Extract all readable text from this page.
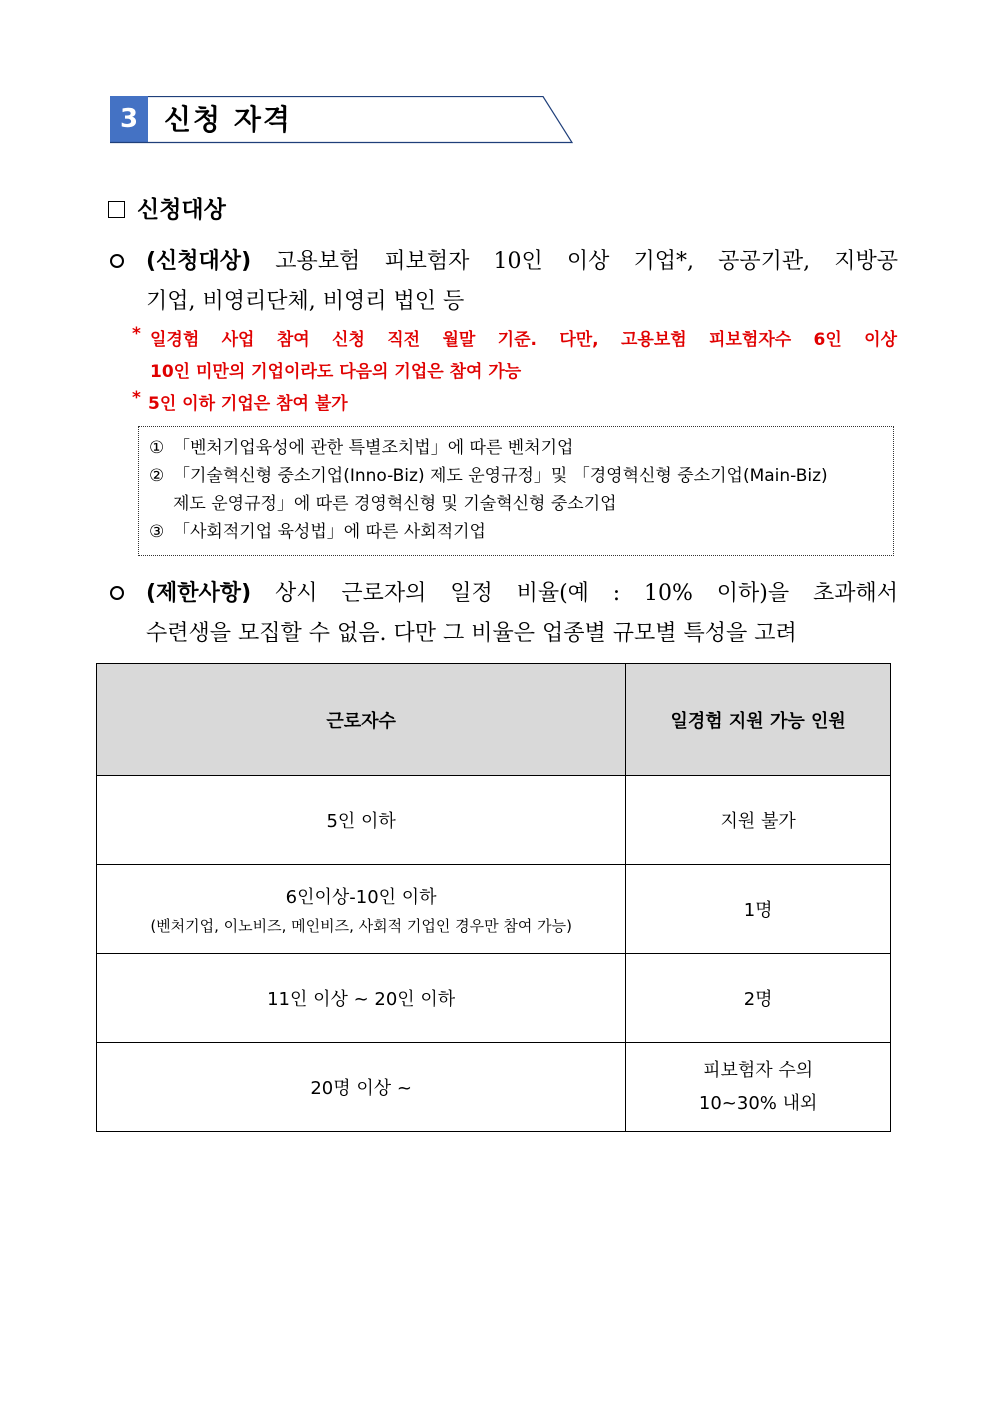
3 신청 자격
신청대상
(신청대상) 고용보험 피보험자 10인 이상 기업*, 공공기관, 지방공
기업, 비영리단체, 비영리 법인 등
* 일경험 사업 참여 신청 직전 월말 기준. 다만, 고용보험 피보험자수 6인 이상
10인 미만의 기업이라도 다음의 기업은 참여 가능
* 5인 이하 기업은 참여 불가
① 「벤처기업육성에 관한 특별조치법」에 따른 벤처기업
② 「기술혁신형 중소기업(Inno-Biz) 제도 운영규정」및 「경영혁신형 중소기업(Main-Biz)
제도 운영규정」에 따른 경영혁신형 및 기술혁신형 중소기업
③ 「사회적기업 육성법」에 따른 사회적기업
(제한사항) 상시 근로자의 일정 비율(예 : 10% 이하)을 초과해서
수련생을 모집할 수 없음. 다만 그 비율은 업종별 규모별 특성을 고려
근로자수	일경험 지원 가능 인원
5인 이하	지원 불가
6인이상-10인 이하
(벤처기업, 이노비즈, 메인비즈, 사회적 기업인 경우만 참여 가능)	1명
11인 이상 ~ 20인 이하	2명
20명 이상 ~	피보험자 수의
10~30% 내외
